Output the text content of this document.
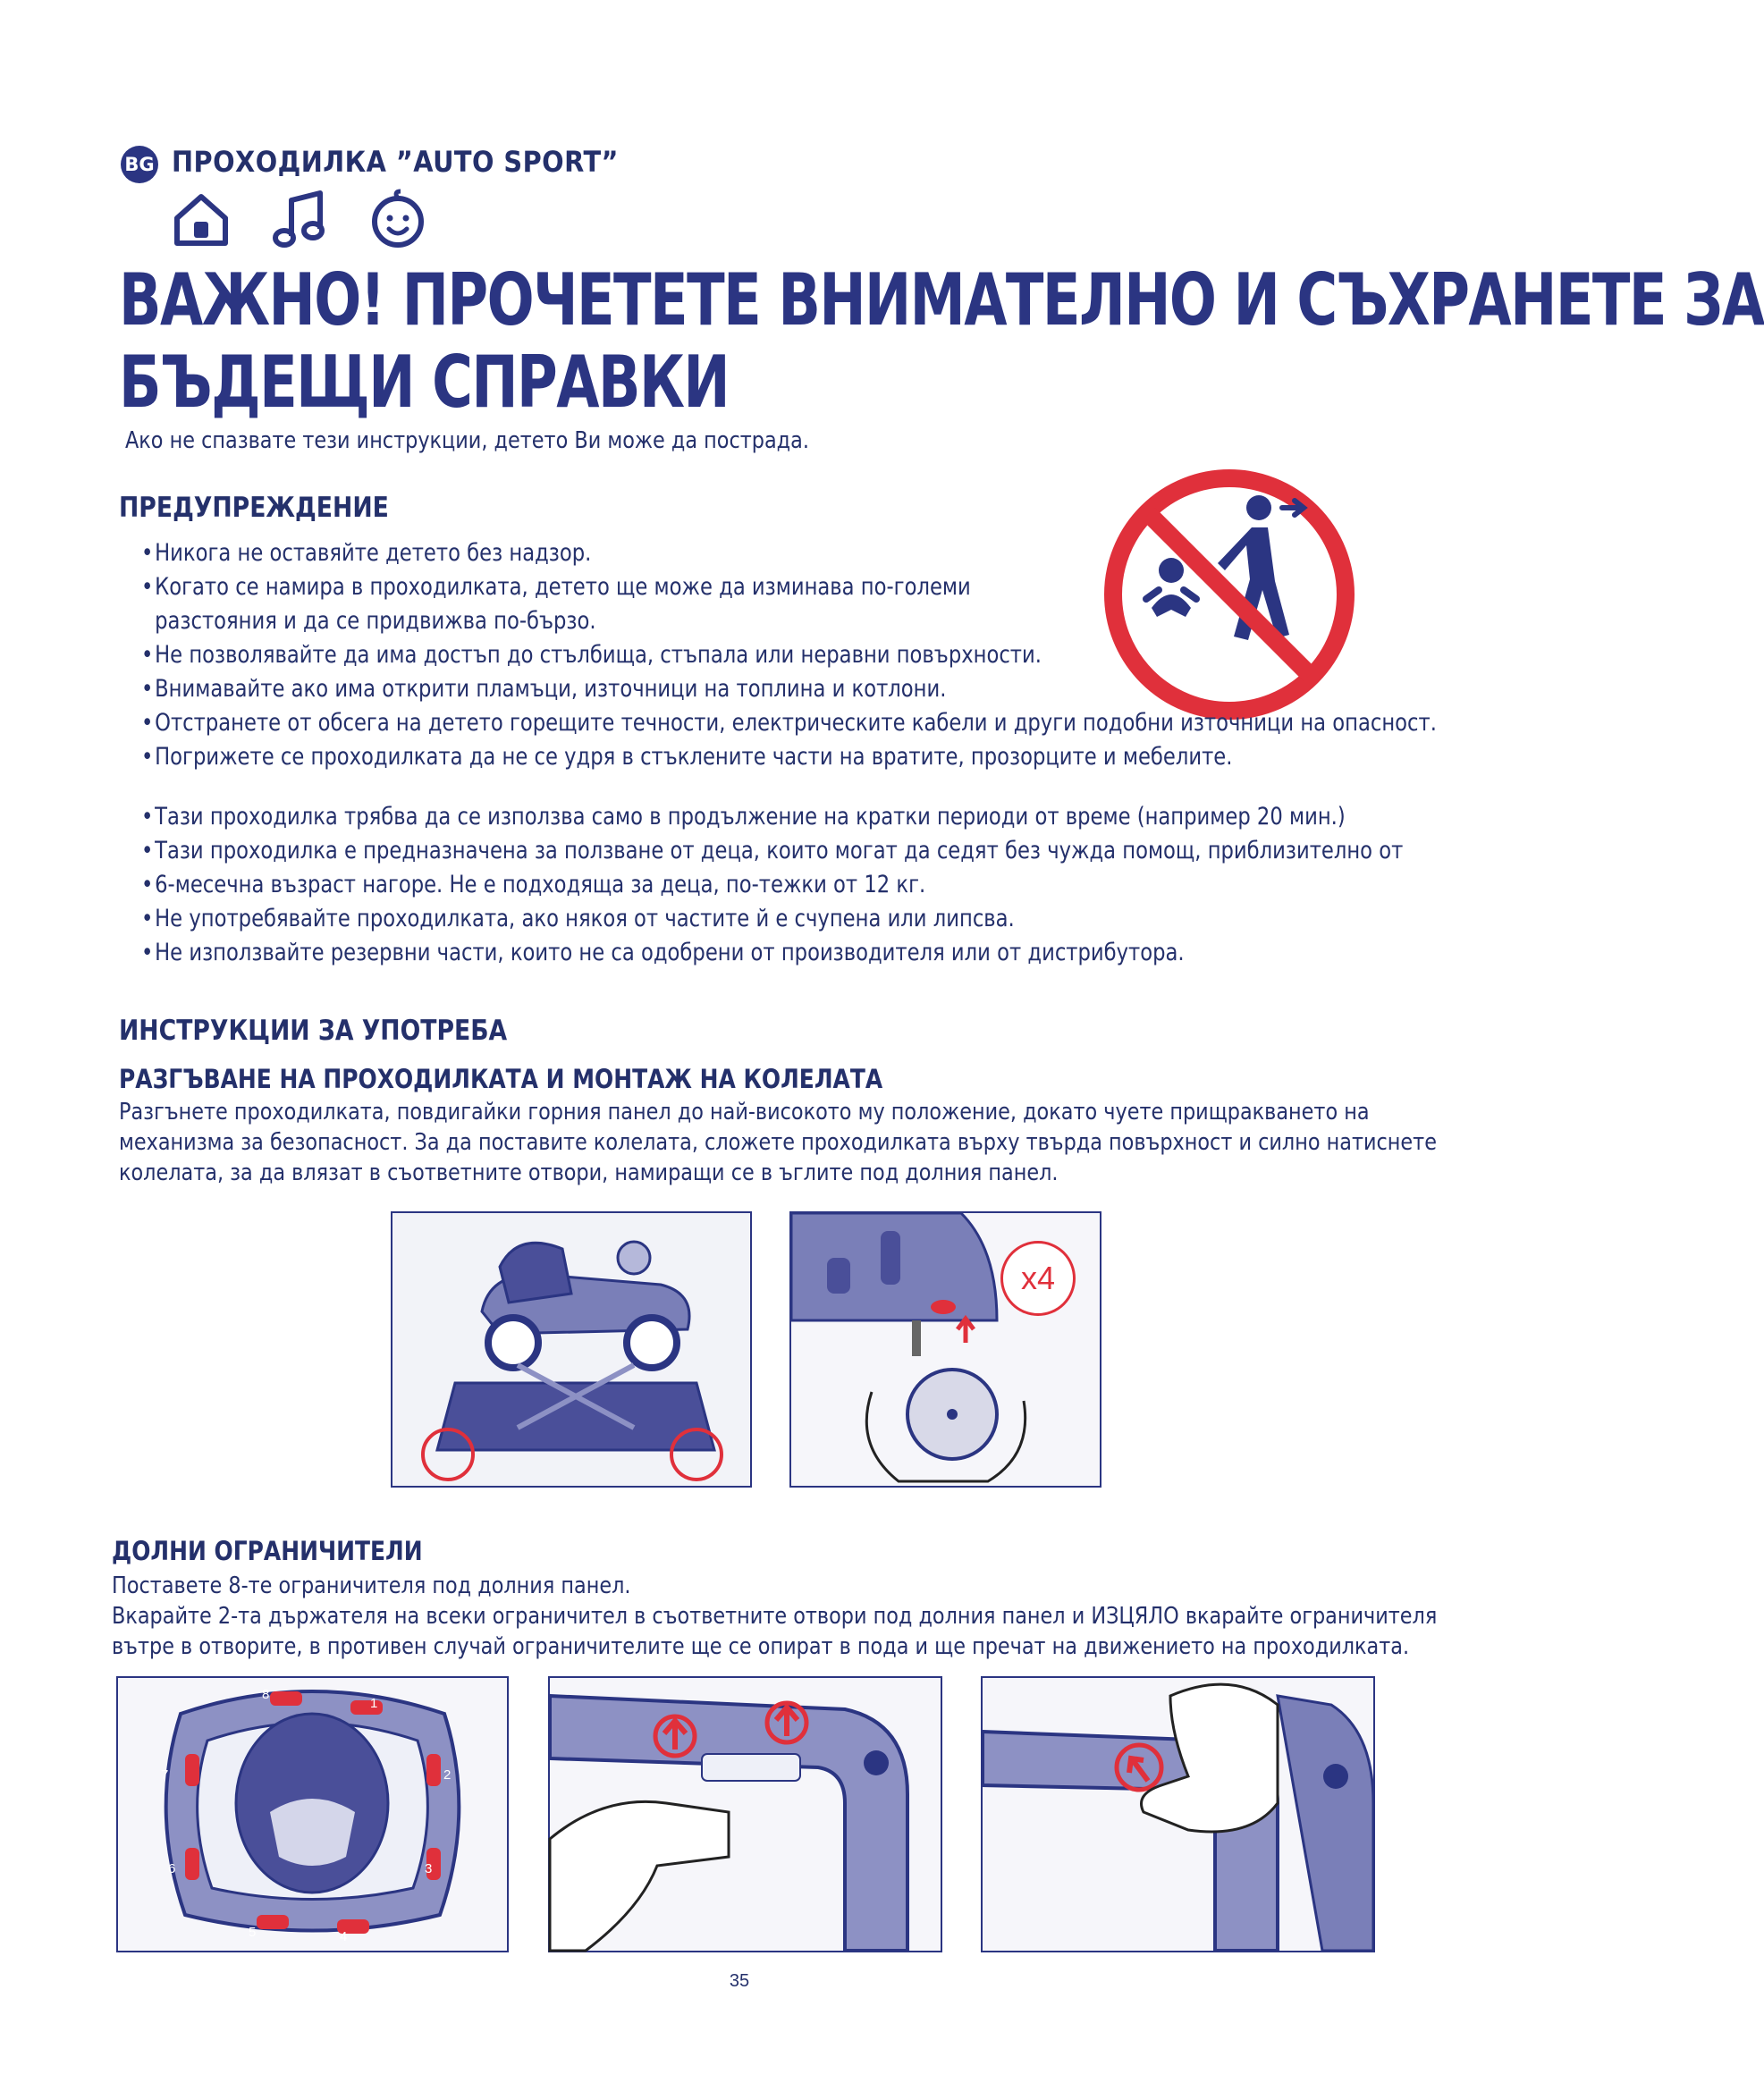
BG ПРОХОДИЛКА ”AUTO SPORT”
ВАЖНО! ПРОЧЕТЕТЕ ВНИМАТЕЛНО И СЪХРАНЕТЕ ЗА
БЪДЕЩИ СПРАВКИ
Ако не спазвате тези инструкции, детето Ви може да пострада.
ПРЕДУПРЕЖДЕНИЕ
• Никога не оставяйте детето без надзор.
• Когато се намира в проходилката, детето ще може да изминава по-големи
разстояния и да се придвижва по-бързо.
• Не позволявайте да има достъп до стълбища, стъпала или неравни повърхности.
• Внимавайте ако има открити пламъци, източници на топлина и котлони.
• Отстранете от обсега на детето горещите течности, електрическите кабели и други подобни източници на опасност.
• Погрижете се проходилката да не се удря в стъклените части на вратите, прозорците и мебелите.
• Тази проходилка трябва да се използва само в продължение на кратки периоди от време (например 20 мин.)
• Тази проходилка е предназначена за ползване от деца, които могат да седят без чужда помощ, приблизително от
• 6-месечна възраст нагоре. Не е подходяща за деца, по-тежки от 12 кг.
• Не употребявайте проходилката, ако някоя от частите й е счупена или липсва.
• Не използвайте резервни части, които не са одобрени от производителя или от дистрибутора.
ИНСТРУКЦИИ ЗА УПОТРЕБА
РАЗГЪВАНЕ НА ПРОХОДИЛКАТА И МОНТАЖ НА КОЛЕЛАТА
Разгънете проходилката, повдигайки горния панел до най-високото му положение, докато чуете прищракването на
механизма за безопасност. За да поставите колелата, сложете проходилката върху твърда повърхност и силно натиснете
колелата, за да влязат в съответните отвори, намиращи се в ъглите под долния панел.
x4
ДОЛНИ ОГРАНИЧИТЕЛИ
Поставете 8-те ограничителя под долния панел.
Вкарайте 2-та държателя на всеки ограничител в съответните отвори под долния панел и ИЗЦЯЛО вкарайте ограничителя
вътре в отворите, в противен случай ограничителите ще се опират в пода и ще пречат на движението на проходилката.
1
2
3
4
5
6
7
8
35
